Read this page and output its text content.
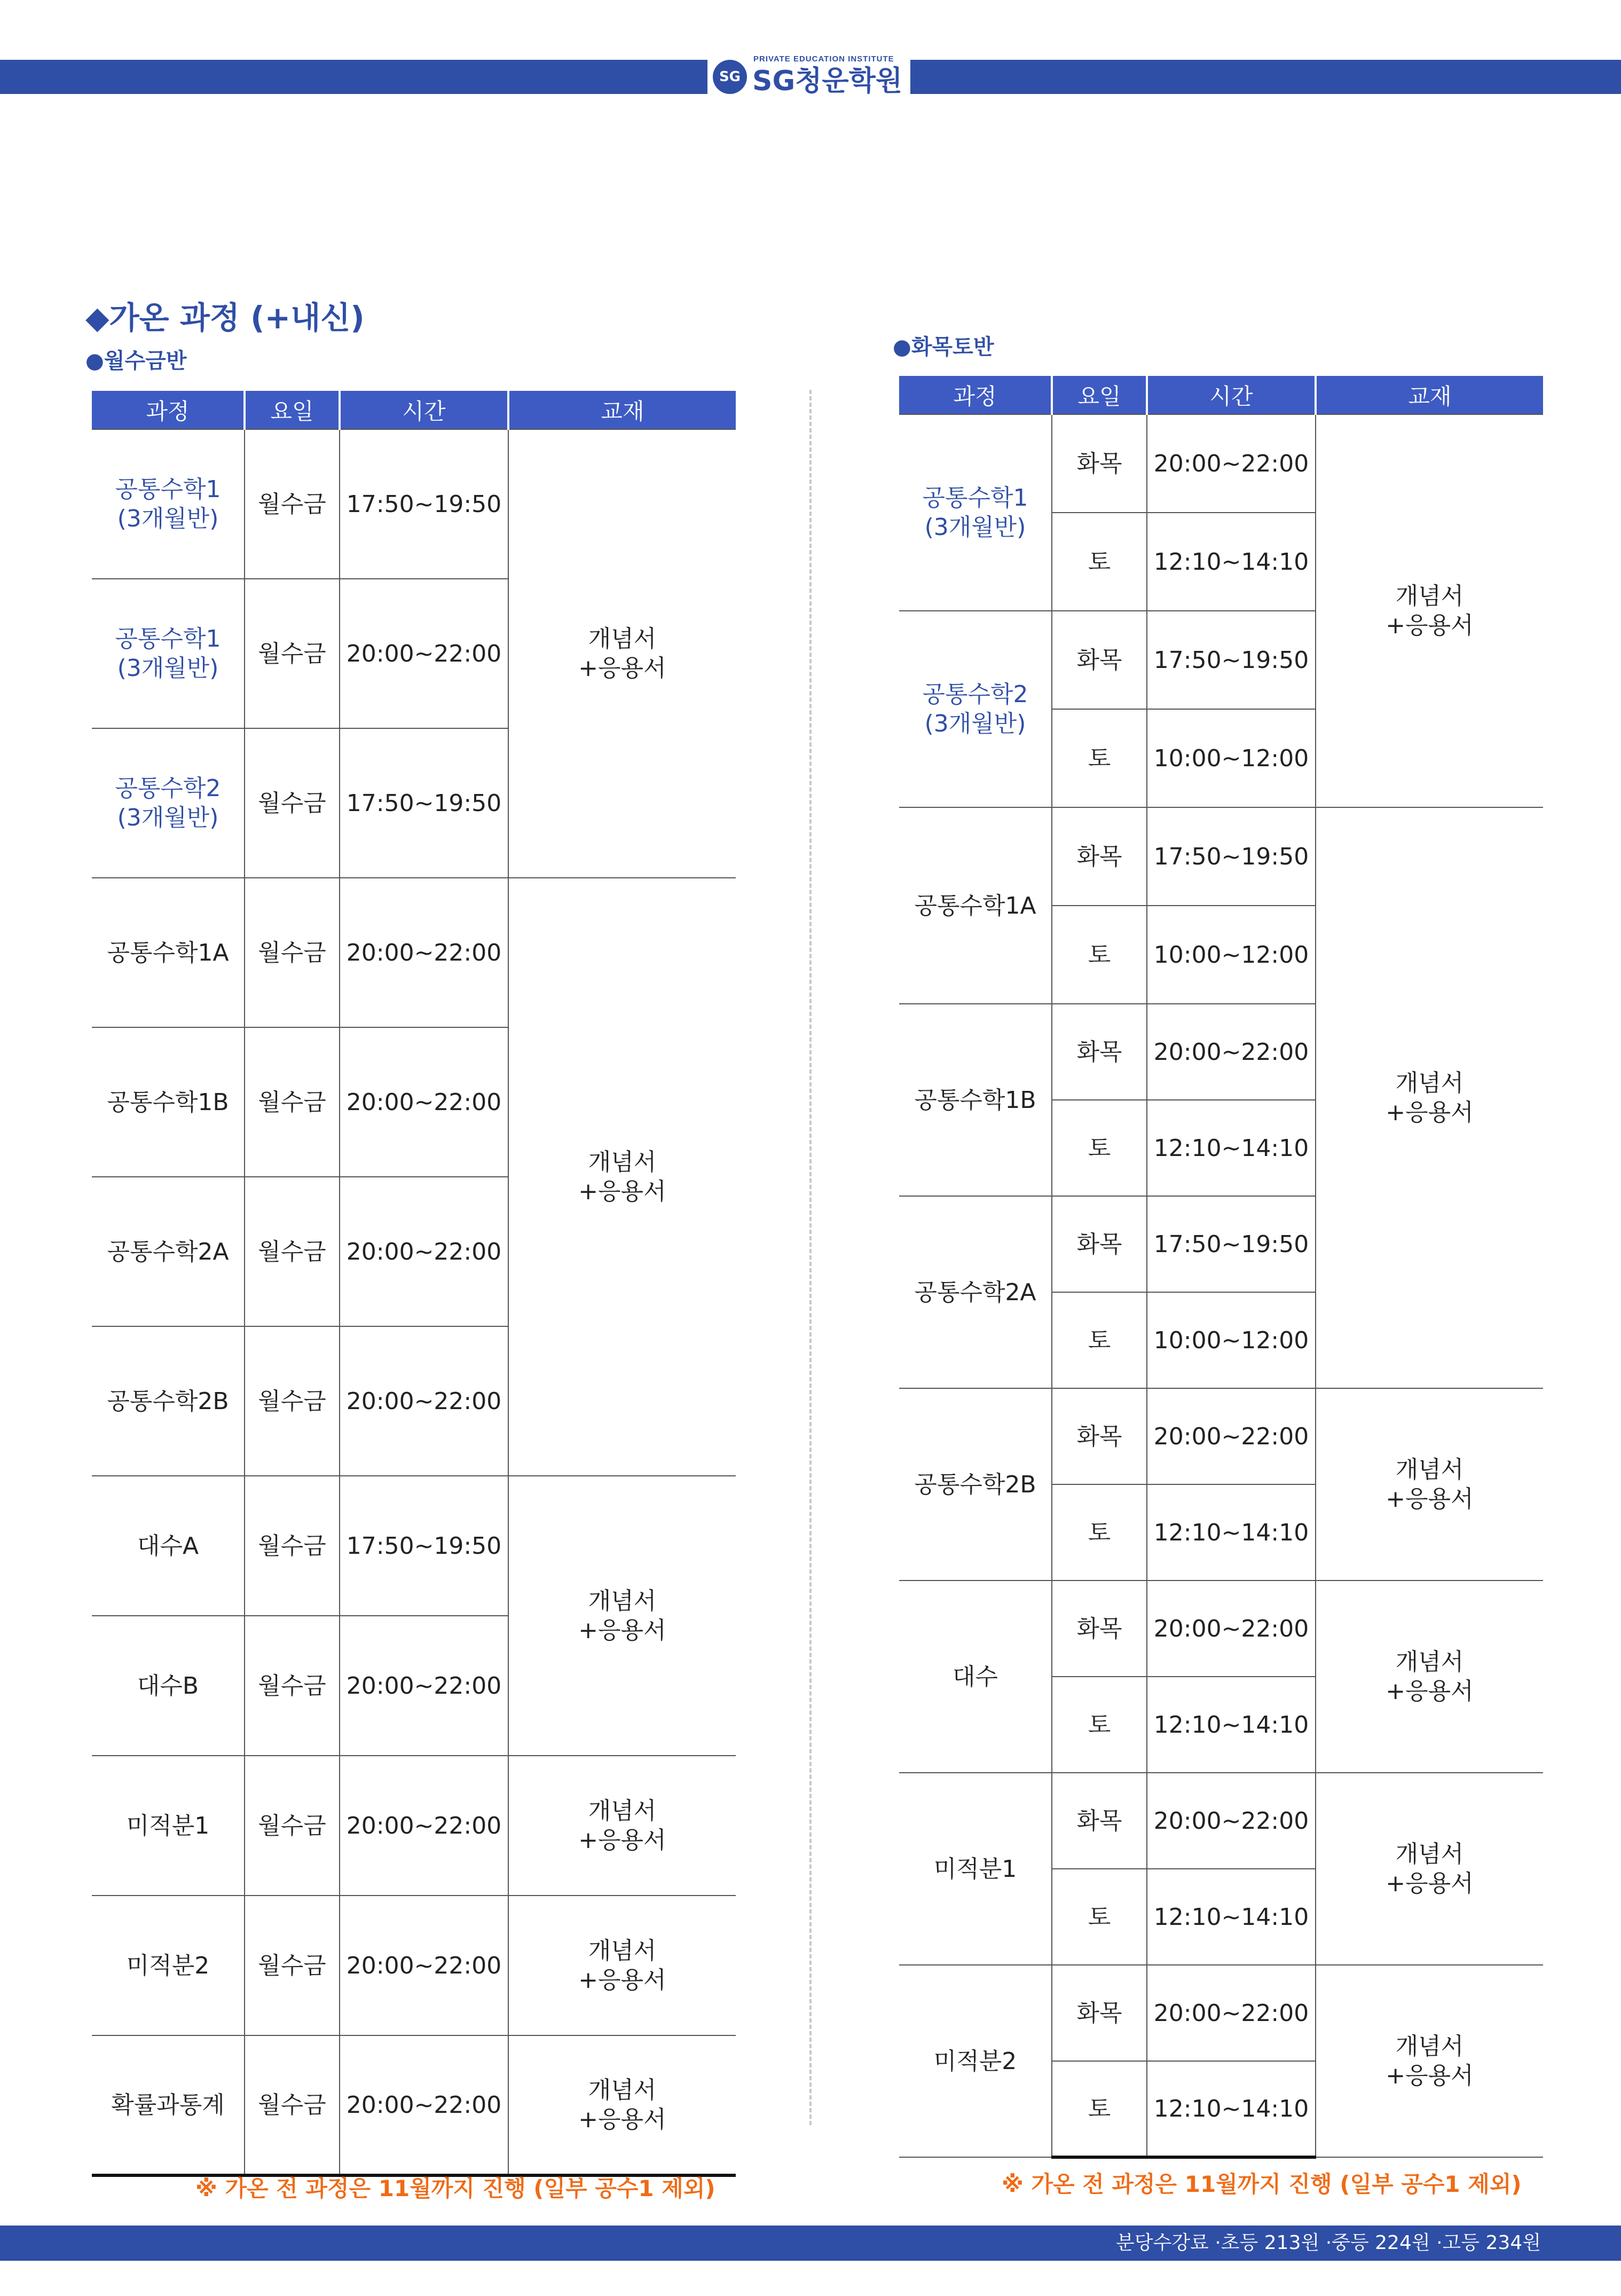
SG
PRIVATE EDUCATION INSTITUTE
SG청운학원
◆가온 과정 (+내신)
●월수금반
●화목토반
과정	요일	시간	교재
공통수학1
(3개월반)	월수금	17:50~19:50	개념서
+응용서
공통수학1
(3개월반)	월수금	20:00~22:00	
공통수학2
(3개월반)	월수금	17:50~19:50	
공통수학1A	월수금	20:00~22:00	개념서
+응용서
공통수학1B	월수금	20:00~22:00	
공통수학2A	월수금	20:00~22:00	
공통수학2B	월수금	20:00~22:00	
대수A	월수금	17:50~19:50	개념서
+응용서
대수B	월수금	20:00~22:00	
미적분1	월수금	20:00~22:00	개념서
+응용서
미적분2	월수금	20:00~22:00	개념서
+응용서
확률과통계	월수금	20:00~22:00	개념서
+응용서
과정	요일	시간	교재
공통수학1
(3개월반)	화목	20:00~22:00	개념서
+응용서
	토	12:10~14:10	
공통수학2
(3개월반)	화목	17:50~19:50	
	토	10:00~12:00	
공통수학1A	화목	17:50~19:50	개념서
+응용서
	토	10:00~12:00	
공통수학1B	화목	20:00~22:00	
	토	12:10~14:10	
공통수학2A	화목	17:50~19:50	
	토	10:00~12:00	
공통수학2B	화목	20:00~22:00	개념서
+응용서
	토	12:10~14:10	
대수	화목	20:00~22:00	개념서
+응용서
	토	12:10~14:10	
미적분1	화목	20:00~22:00	개념서
+응용서
	토	12:10~14:10	
미적분2	화목	20:00~22:00	개념서
+응용서
	토	12:10~14:10	
※ 가온 전 과정은 11월까지 진행 (일부 공수1 제외)	※ 가온 전 과정은 11월까지 진행 (일부 공수1 제외)
분당수강료 ·초등 213원 ·중등 224원 ·고등 234원
